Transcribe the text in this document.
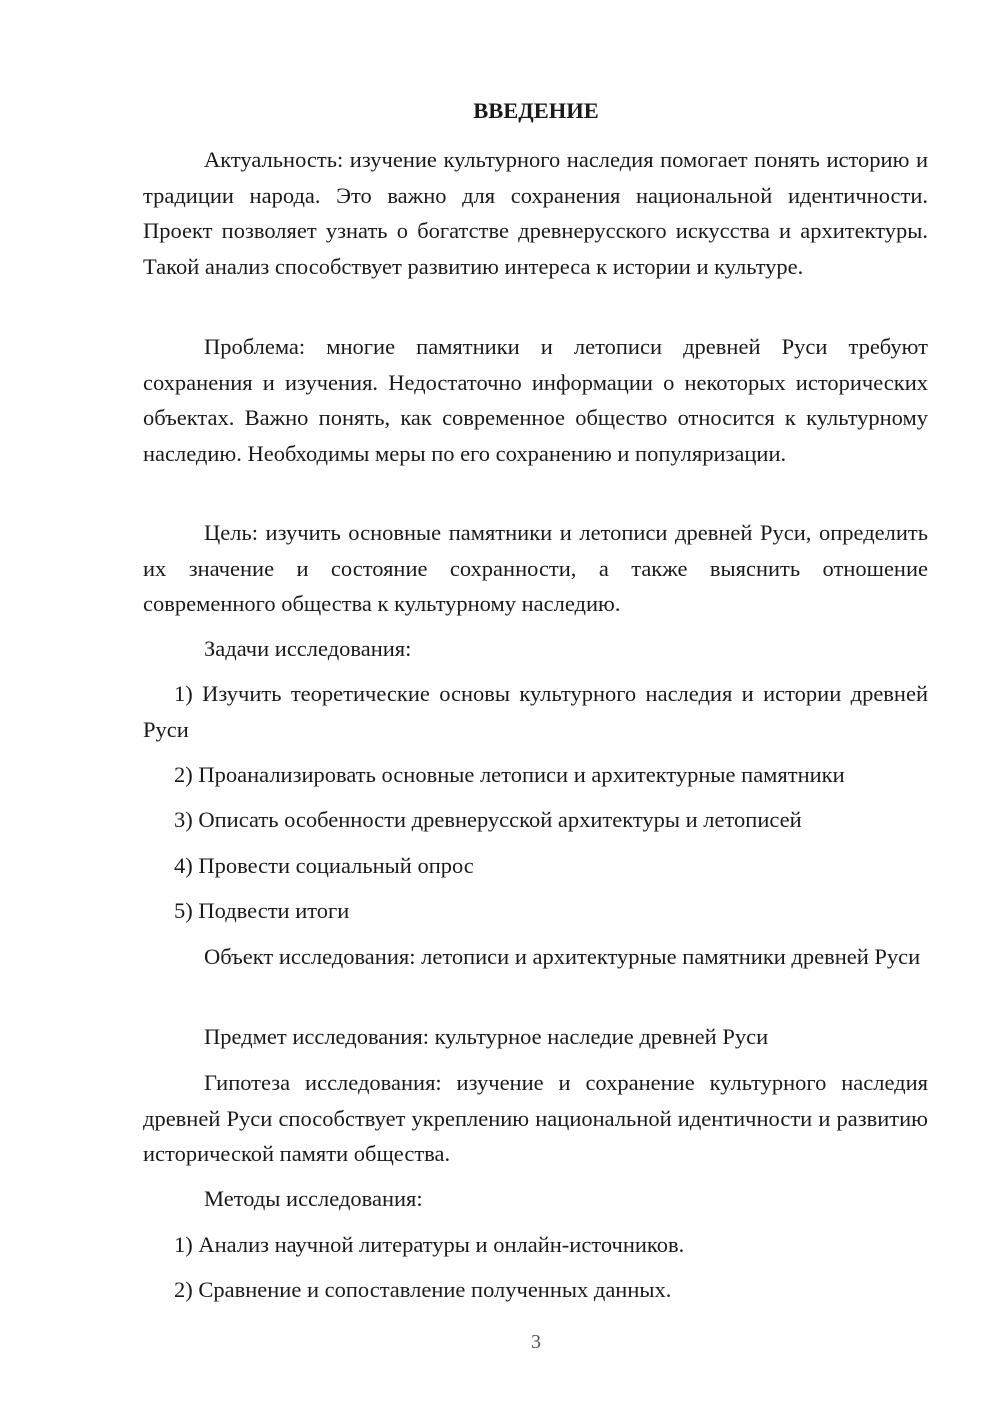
ВВЕДЕНИЕ

Актуальность: изучение культурного наследия помогает понять историю и традиции народа. Это важно для сохранения национальной идентичности. Проект позволяет узнать о богатстве древнерусского искусства и архитектуры. Такой анализ способствует развитию интереса к истории и культуре.

Проблема: многие памятники и летописи древней Руси требуют сохранения и изучения. Недостаточно информации о некоторых исторических объектах. Важно понять, как современное общество относится к культурному наследию. Необходимы меры по его сохранению и популяризации.

Цель: изучить основные памятники и летописи древней Руси, определить их значение и состояние сохранности, а также выяснить отношение современного общества к культурному наследию.

Задачи исследования:

1) Изучить теоретические основы культурного наследия и истории древней Руси

2) Проанализировать основные летописи и архитектурные памятники

3) Описать особенности древнерусской архитектуры и летописей

4) Провести социальный опрос

5) Подвести итоги

Объект исследования: летописи и архитектурные памятники древней Руси

Предмет исследования: культурное наследие древней Руси

Гипотеза исследования: изучение и сохранение культурного наследия древней Руси способствует укреплению национальной идентичности и развитию исторической памяти общества.

Методы исследования:

1) Анализ научной литературы и онлайн-источников.

2) Сравнение и сопоставление полученных данных.

3
